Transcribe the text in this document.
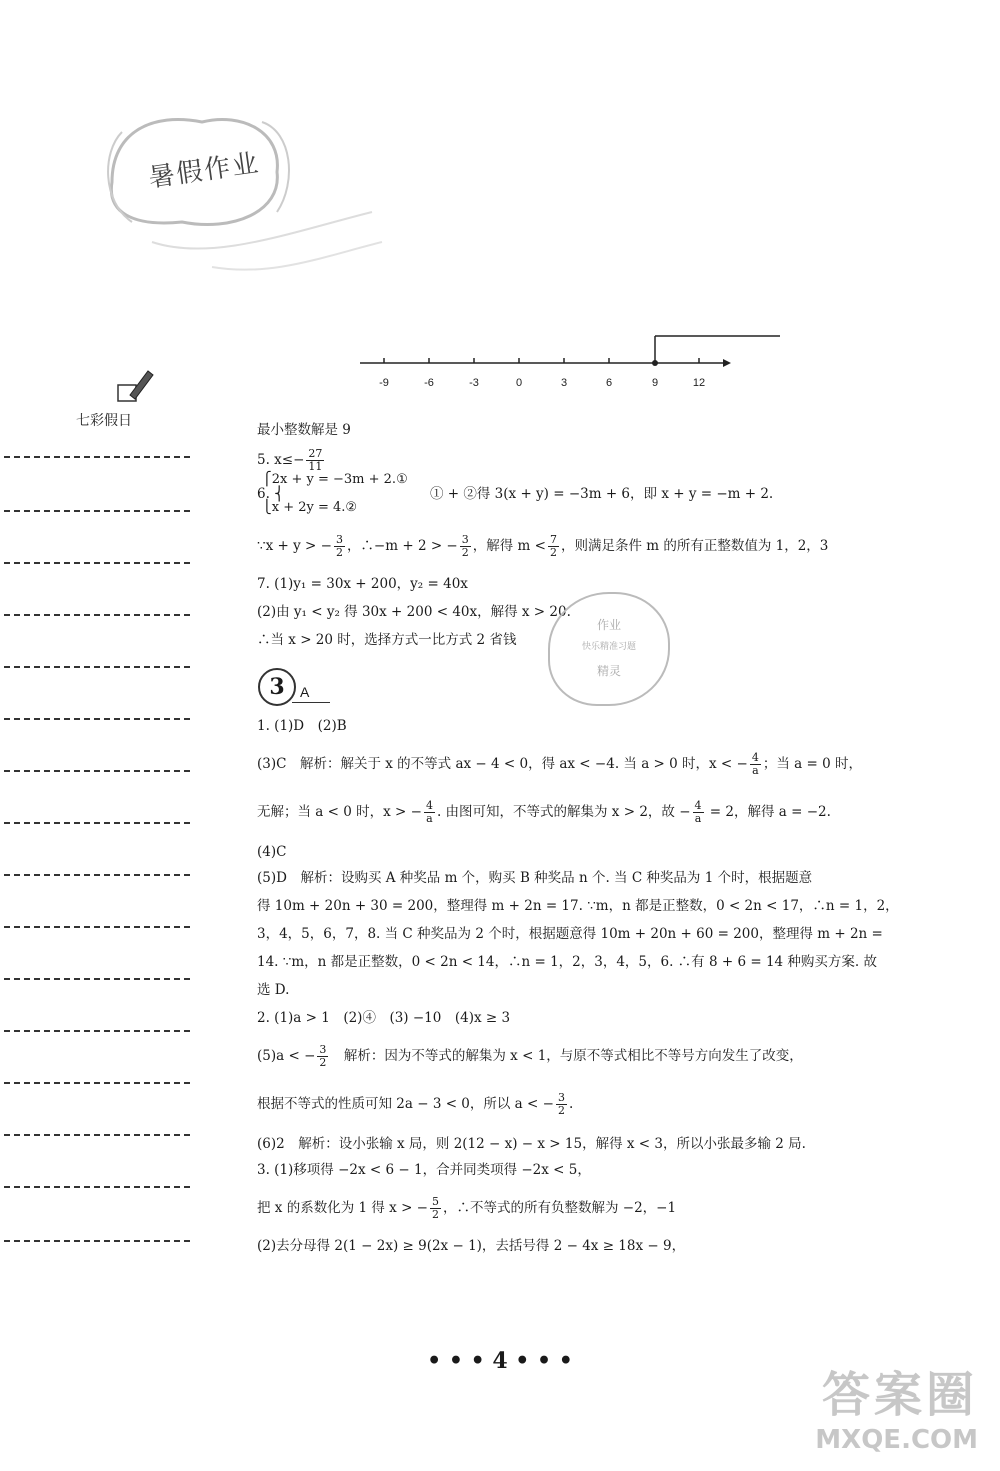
暑假作业
七彩假日
-9	-6	-3	0	3	6	9	12
最小整数解是 9
5. $x\le- \frac{27}{11}$
⎧2x + y = −3m + 2.①
6. ⎨	① + ②得 3(x + y) = −3m + 6，即 x + y = −m + 2.
⎩x + 2y = 4.②
∵x + y > − $\frac{3}{2}$ ，∴−m + 2 > − $\frac{3}{2}$ ，解得 $m < \frac{7}{2}$ ，则满足条件 m 的所有正整数值为 1，2，3
7. (1)y₁ = 30x + 200，y₂ = 40x
(2)由 y₁ < y₂ 得 30x + 200 < 40x，解得 x > 20.
∴当 x > 20 时，选择方式一比方式 2 省钱
作业
快乐精准习题
精灵
3	A
1. (1)D　(2)B
(3)C　解析：解关于 x 的不等式 ax − 4 < 0，得 ax < −4. 当 a > 0 时，x < − $\frac{4}{a}$ ；当 a = 0 时，
无解；当 a < 0 时，x > − $\frac{4}{a}$ . 由图可知，不等式的解集为 x > 2，故 − $\frac{4}{a} = 2$，解得 a = −2.
(4)C
(5)D　解析：设购买 A 种奖品 m 个，购买 B 种奖品 n 个. 当 C 种奖品为 1 个时，根据题意
得 10m + 20n + 30 = 200，整理得 m + 2n = 17. ∵m，n 都是正整数，0 < 2n < 17，∴n = 1，2，
3，4，5，6，7，8. 当 C 种奖品为 2 个时，根据题意得 10m + 20n + 60 = 200，整理得 m + 2n =
14. ∵m，n 都是正整数，0 < 2n < 14，∴n = 1，2，3，4，5，6. ∴有 8 + 6 = 14 种购买方案. 故
选 D.
2. (1)a > 1　(2)④　(3) −10　(4)x ≥ 3
(5)a < − $\frac{3}{2}$ 　解析：因为不等式的解集为 x < 1，与原不等式相比不等号方向发生了改变，
根据不等式的性质可知 2a − 3 < 0，所以 a < − $\frac{3}{2}$ .
(6)2　解析：设小张输 x 局，则 2(12 − x) − x > 15，解得 x < 3，所以小张最多输 2 局.
3. (1)移项得 −2x < 6 − 1，合并同类项得 −2x < 5，
把 x 的系数化为 1 得 x > − $\frac{5}{2}$ ，∴不等式的所有负整数解为 −2，−1
(2)去分母得 2(1 − 2x) ≥ 9(2x − 1)，去括号得 2 − 4x ≥ 18x − 9，
• • • 4 • • •
答案圈
MXQE.COM
